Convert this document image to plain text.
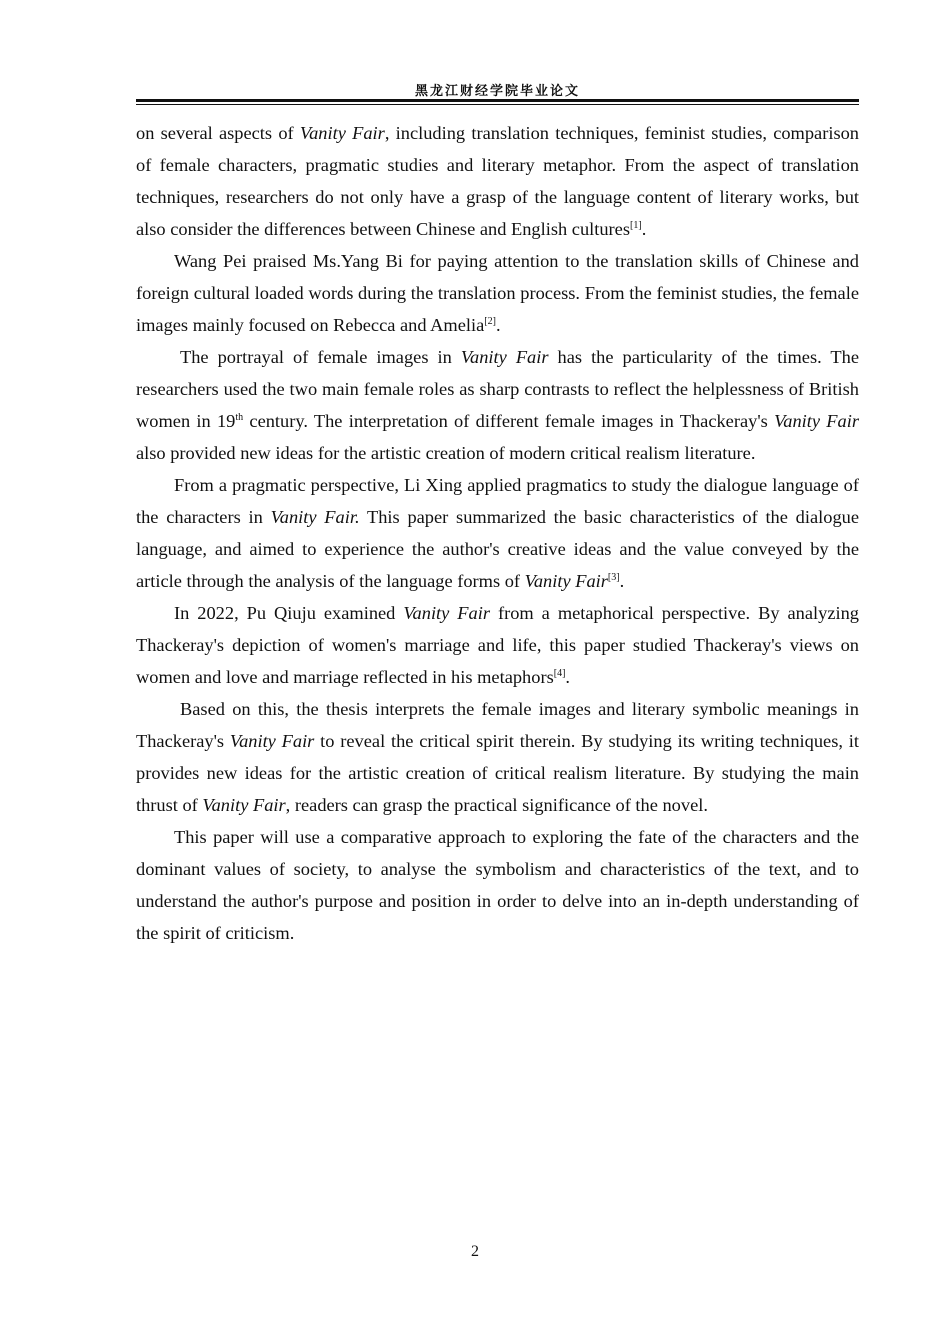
黑龙江财经学院毕业论文

on several aspects of Vanity Fair, including translation techniques, feminist studies, comparison of female characters, pragmatic studies and literary metaphor. From the aspect of translation techniques, researchers do not only have a grasp of the language content of literary works, but also consider the differences between Chinese and English cultures[1].

Wang Pei praised Ms.Yang Bi for paying attention to the translation skills of Chinese and foreign cultural loaded words during the translation process. From the feminist studies, the female images mainly focused on Rebecca and Amelia[2].

The portrayal of female images in Vanity Fair has the particularity of the times. The researchers used the two main female roles as sharp contrasts to reflect the helplessness of British women in 19th century. The interpretation of different female images in Thackeray's Vanity Fair also provided new ideas for the artistic creation of modern critical realism literature.

From a pragmatic perspective, Li Xing applied pragmatics to study the dialogue language of the characters in Vanity Fair. This paper summarized the basic characteristics of the dialogue language, and aimed to experience the author's creative ideas and the value conveyed by the article through the analysis of the language forms of Vanity Fair[3].

In 2022, Pu Qiuju examined Vanity Fair from a metaphorical perspective. By analyzing Thackeray's depiction of women's marriage and life, this paper studied Thackeray's views on women and love and marriage reflected in his metaphors[4].

Based on this, the thesis interprets the female images and literary symbolic meanings in Thackeray's Vanity Fair to reveal the critical spirit therein. By studying its writing techniques, it provides new ideas for the artistic creation of critical realism literature. By studying the main thrust of Vanity Fair, readers can grasp the practical significance of the novel.

This paper will use a comparative approach to exploring the fate of the characters and the dominant values of society, to analyse the symbolism and characteristics of the text, and to understand the author's purpose and position in order to delve into an in-depth understanding of the spirit of criticism.

2
